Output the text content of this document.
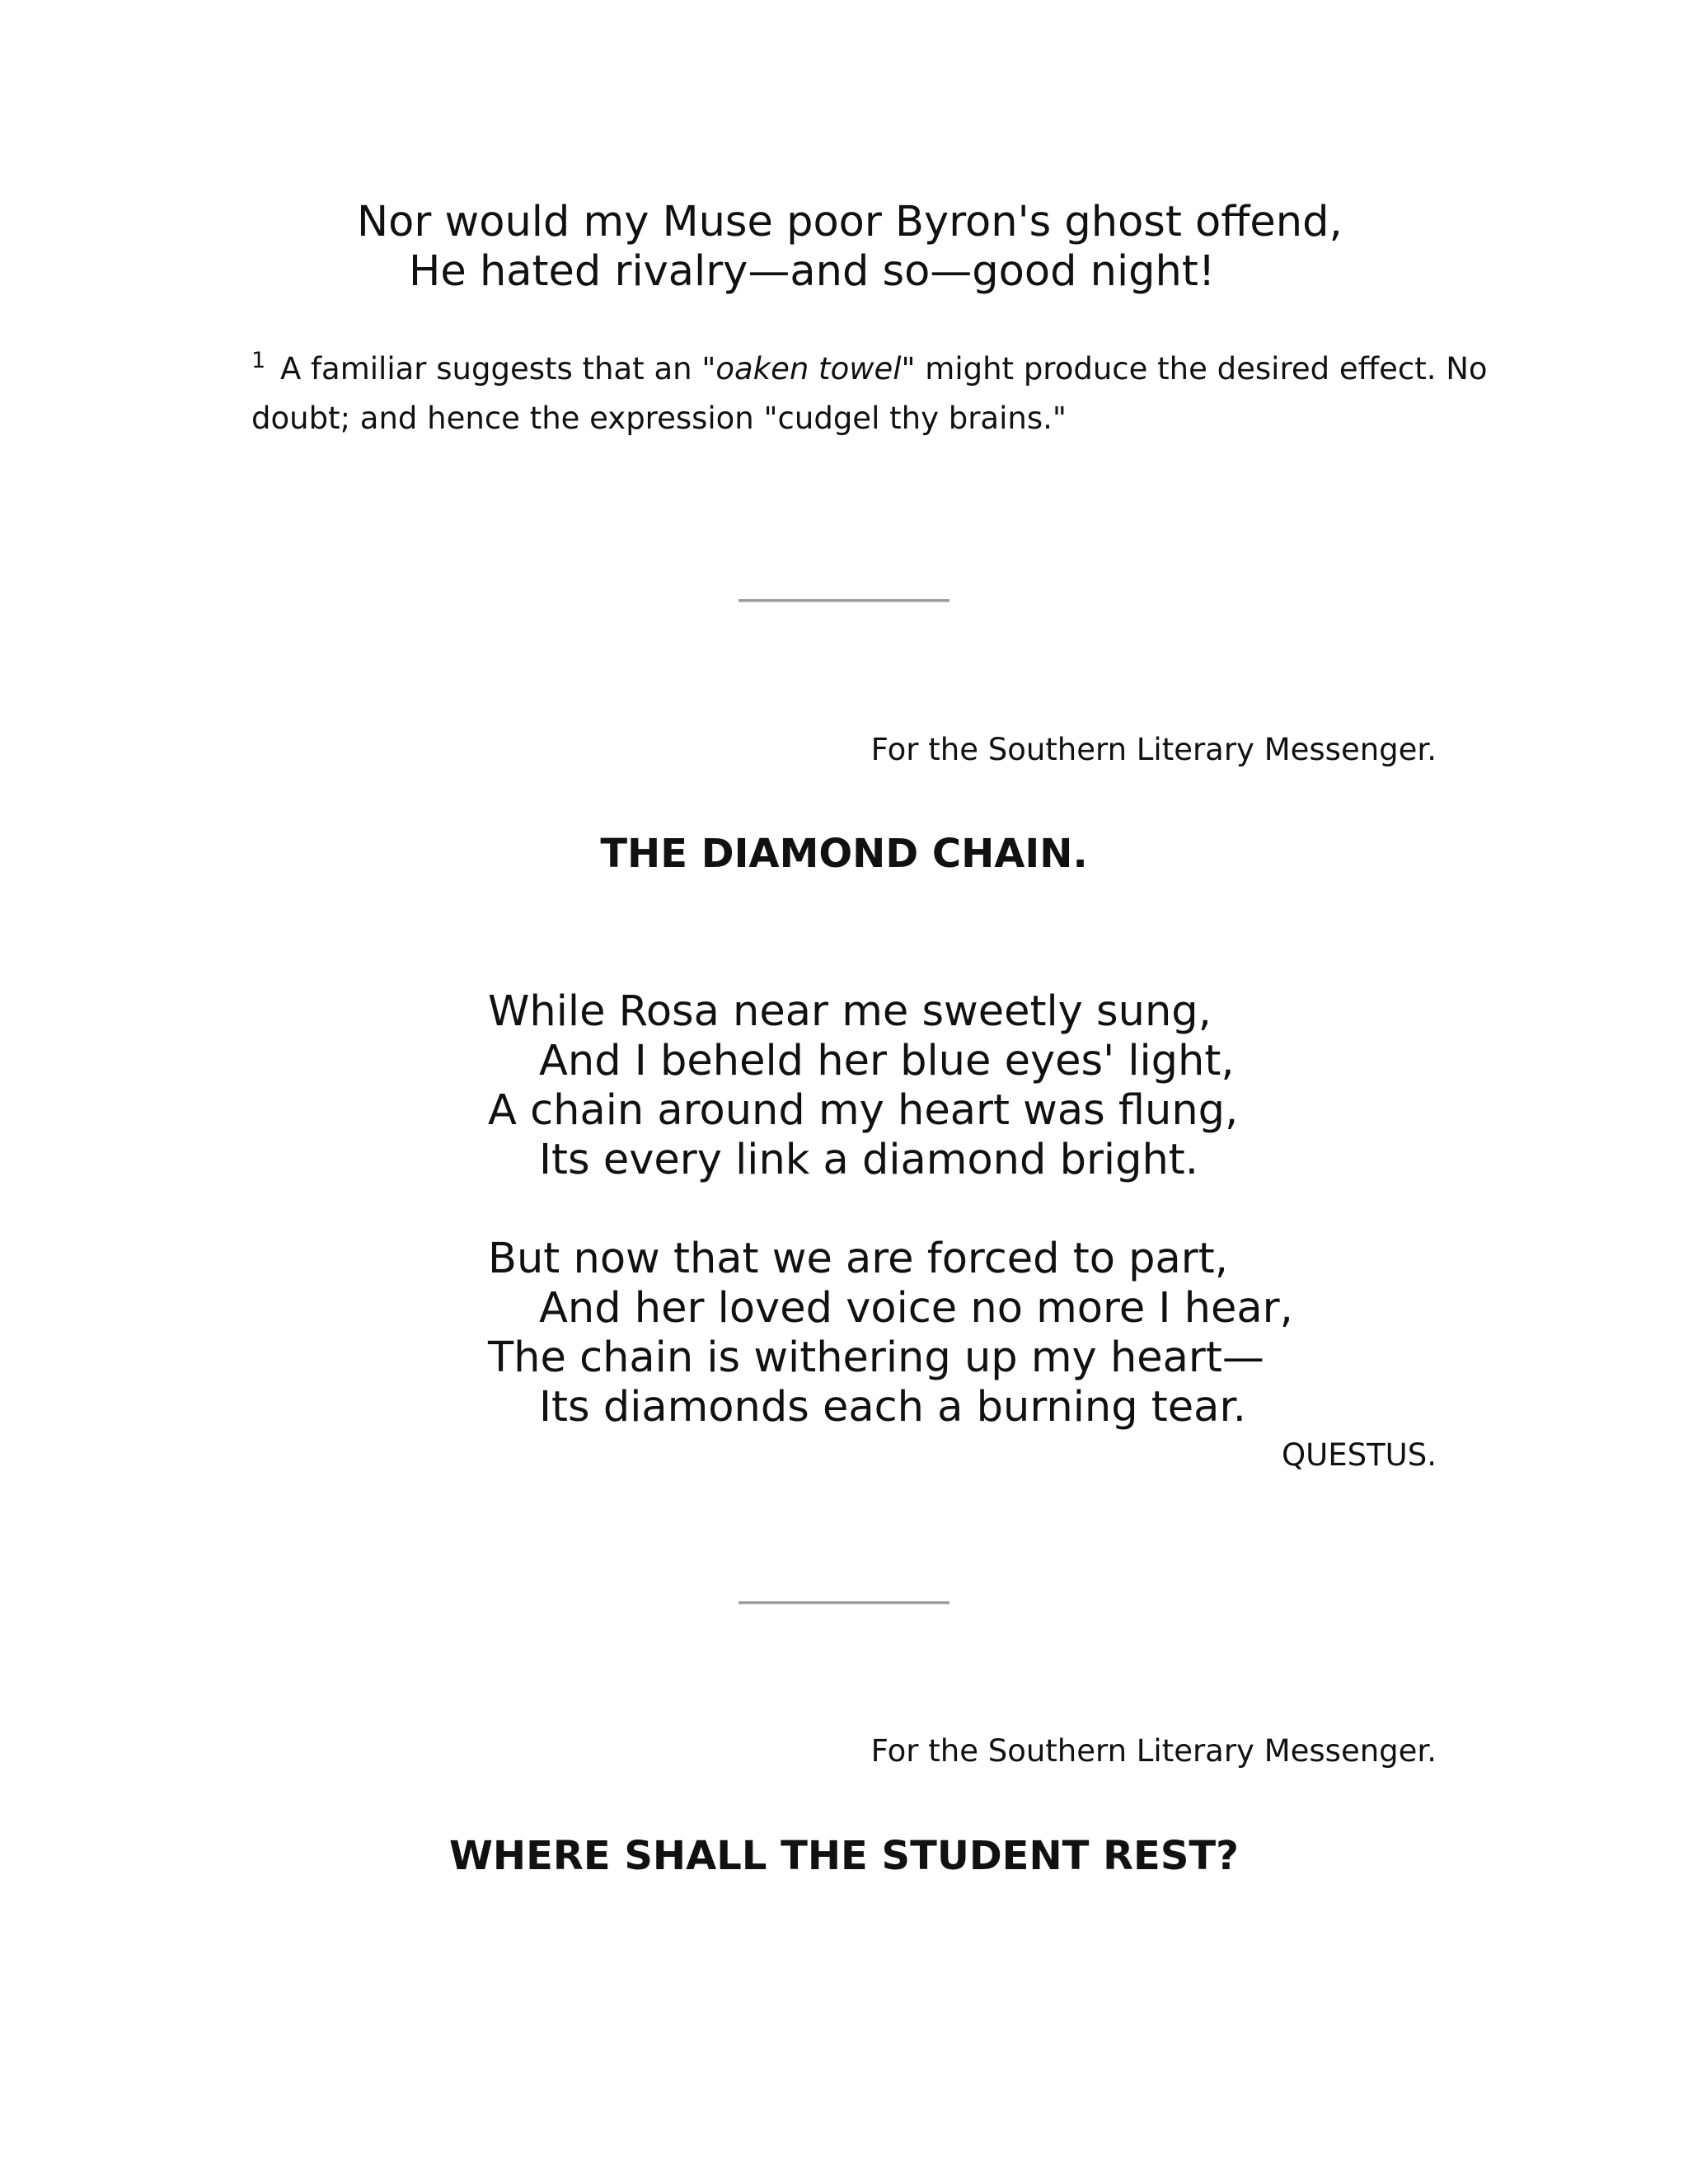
Nor would my Muse poor Byron's ghost offend,
He hated rivalry—and so—good night!
$^1$ A familiar suggests that an "oaken towel" might produce the desired effect. No
doubt; and hence the expression "cudgel thy brains."
For the Southern Literary Messenger.
THE DIAMOND CHAIN.
While Rosa near me sweetly sung,
And I beheld her blue eyes' light,
A chain around my heart was flung,
Its every link a diamond bright.
But now that we are forced to part,
And her loved voice no more I hear,
The chain is withering up my heart—
Its diamonds each a burning tear.
QUESTUS.
For the Southern Literary Messenger.
WHERE SHALL THE STUDENT REST?
